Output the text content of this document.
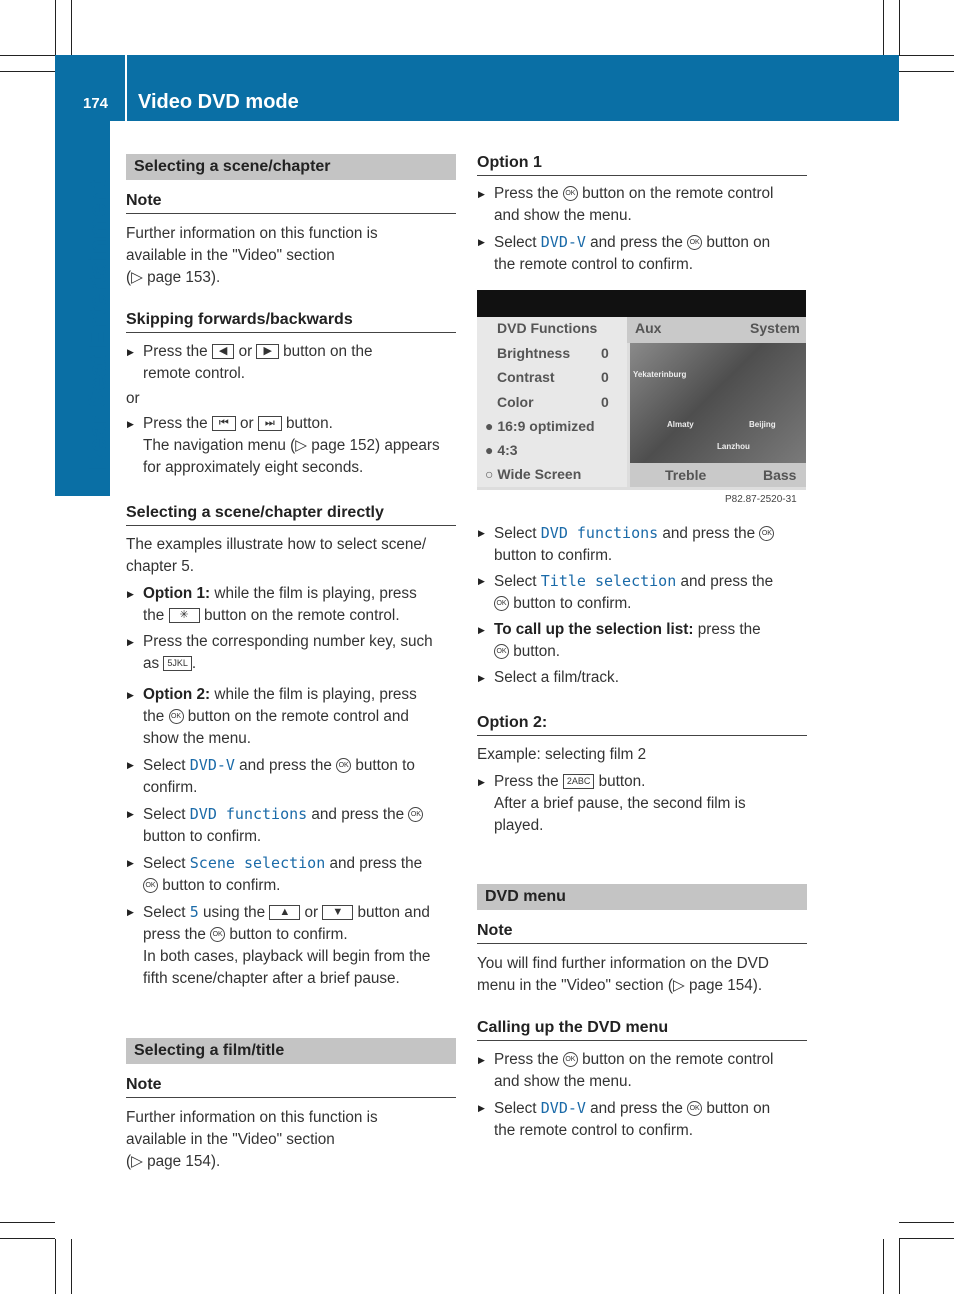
174 Video DVD mode
Rear Seat Entertainment
Selecting a scene/chapter
Note

Further information on this function is

available in the "Video" section

(▷ page 153).

Skipping forwards/backwards
▶ Press the ◀ or ▶ button on the
remote control.

or

▶ Press the ⏮ or ⏭ button.
The navigation menu (▷ page 152) appears
for approximately eight seconds.
Selecting a scene/chapter directly

The examples illustrate how to select scene/

chapter 5.

▶ Option 1: while the film is playing, press
the ✳ button on the remote control.
▶ Press the corresponding number key, such
as 5JKL .
▶ Option 2: while the film is playing, press
the OK button on the remote control and
show the menu.
▶ Select DVD-V and press the OK button to
confirm.
▶ Select DVD functions and press the OK
button to confirm.
▶ Select Scene selection and press the
OK button to confirm.
▶ Select 5 using the ▲ or ▼ button and
press the OK button to confirm.
In both cases, playback will begin from the
fifth scene/chapter after a brief pause.
Selecting a film/title
Note

Further information on this function is

available in the "Video" section

(▷ page 154).

Option 1
▶ Press the OK button on the remote control
and show the menu.
▶ Select DVD-V and press the OK button on
the remote control to confirm.
DVD Functions	Aux	System
Brightness 0
Contrast	0
Color	0
● 16:9 optimized
● 4:3
○ Wide Screen
Yekaterinburg
Almaty	Beijing
Lanzhou
Treble	Bass
P82.87-2520-31
▶ Select DVD functions and press the OK
button to confirm.
▶ Select Title selection and press the
OK button to confirm.
▶ To call up the selection list: press the
OK button.
▶ Select a film/track.
Option 2:

Example: selecting film 2

▶ Press the 2ABC button.
After a brief pause, the second film is
played.
DVD menu
Note

You will find further information on the DVD

menu in the "Video" section (▷ page 154).

Calling up the DVD menu
▶ Press the OK button on the remote control
and show the menu.
▶ Select DVD-V and press the OK button on
the remote control to confirm.
